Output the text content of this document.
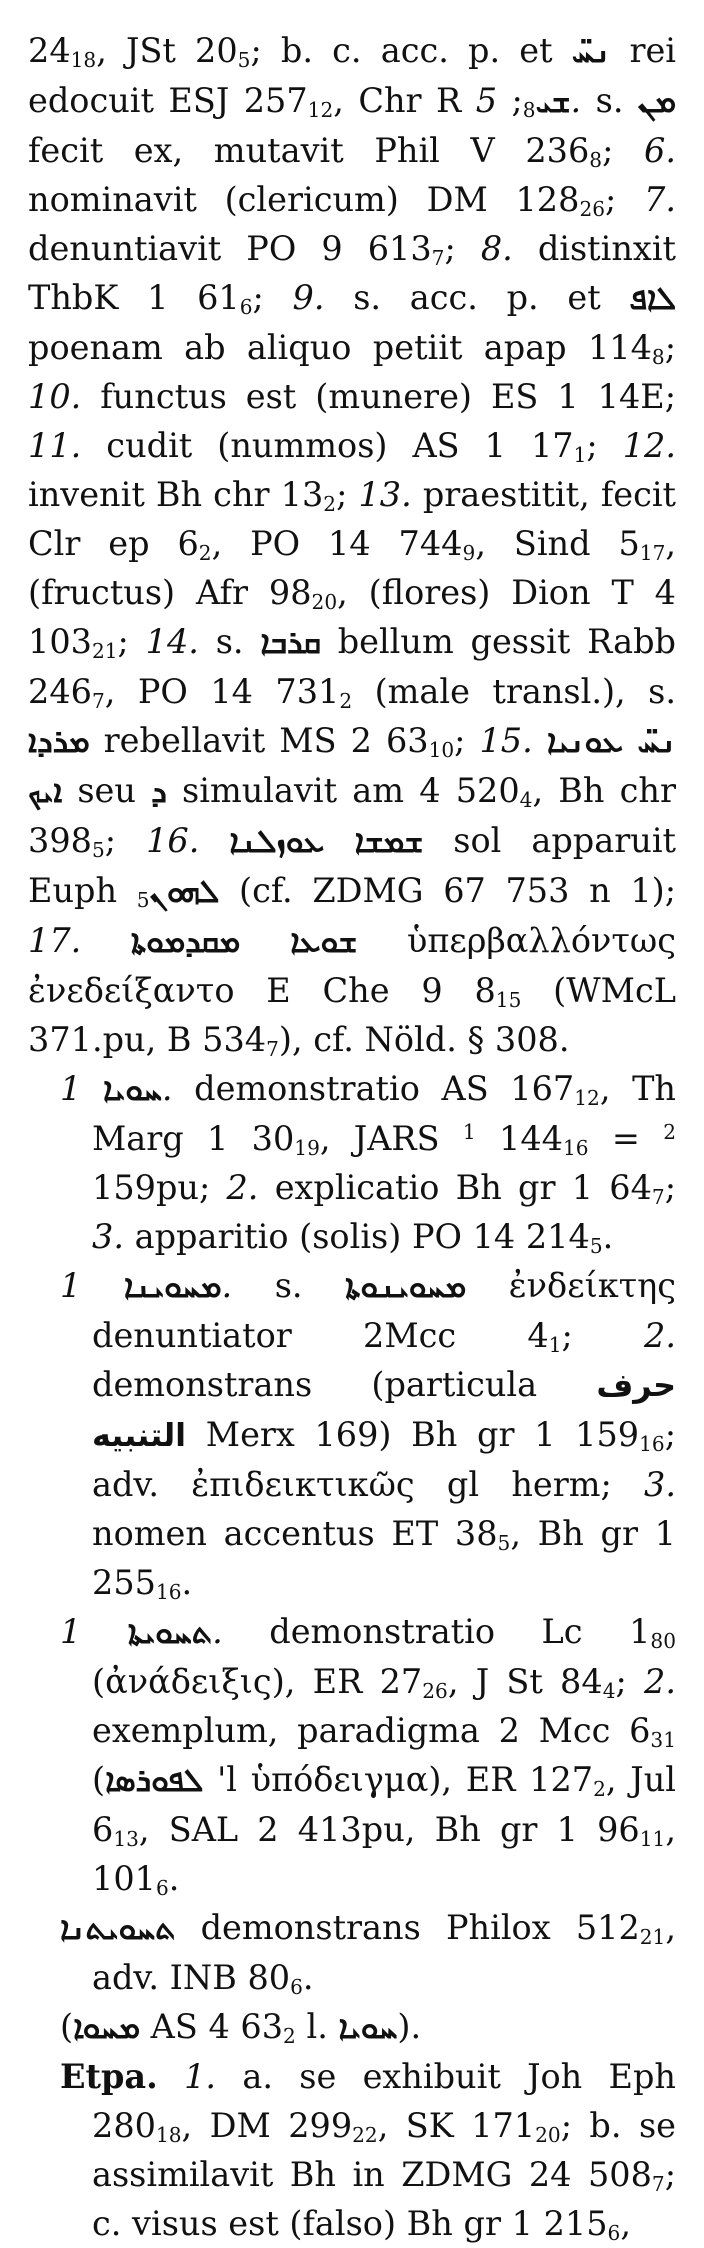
2418, JSt 205; b. c. acc. p. et ܢܚ̈ rei edocuit ESJ 25712, Chr R ܫܝ8; 5. s. ܡܢ fecit ex, mutavit Phil V 2368; 6. nominavit (clericum) DM 12826; 7. denuntiavit PO 9 6137; 8. distinxit ThbK 1 616; 9. s. acc. p. et ܠܐܦ poenam ab aliquo petiit apap 1148; 10. functus est (munere) ES 1 14E; 11. cudit (nummos) AS 1 171; 12. invenit Bh chr 132; 13. praestitit, fecit Clr ep 62, PO 14 7449, Sind 517, (fructus) Afr 9820, (flores) Dion T 4 10321; 14. s. ܩܪܒܐ bellum gessit Rabb 2467, PO 14 7312 (male transl.), s. ܡܪܕܐ rebellavit MS 2 6310; 15. ܢܚ̈ ܥܘܢܝܐ ܐܝܟ seu ܕ simulavit am 4 5204, Bh chr 3985; 16. ܫܡܫܐ ܥܘܙܠܢܐ sol apparuit Euph ܠܗܘܢ5 (cf. ZDMG 67 753 n 1); 17. ܫܘܥܐ ܡܩܕܡܘܬܐ ὑπερβαλλόντως ἐνεδείξαντο E Che 9 815 (WMcL 371.pu, B 5347), cf. Nöld. § 308.

ܚܘܝܐ 1. demonstratio AS 16712, Th Marg 1 3019, JARS $^1$ 14416 = $^2$ 159pu; 2. explicatio Bh gr 1 647; 3. apparitio (solis) PO 14 2145.

ܡܚܘܝܢܐ 1. s. ܡܚܘܝܢܘܬܐ ἐνδείκτης denuntiator 2Mcc 41; 2. demonstrans (particula حرف التنبيه Merx 169) Bh gr 1 15916; adv. ἐπιδεικτικῶς gl herm; 3. nomen accentus ET 385, Bh gr 1 25516.

ܬܚܘܝܬܐ 1. demonstratio Lc 180 (ἀνάδειξις), ER 2726, J St 844; 2. exemplum, paradigma 2 Mcc 631 (ܠܦܘܪܣܐ 'l ὑπόδειγμα), ER 1272, Jul 613, SAL 2 413pu, Bh gr 1 9611, 1016.

ܬܚܘܝܬܢܐ demonstrans Philox 51221, adv. INB 806.

(ܡܚܘܐ AS 4 632 l. ܚܘܝܐ).

Etpa. 1. a. se exhibuit Joh Eph 28018, DM 29922, SK 17120; b. se assimilavit Bh in ZDMG 24 5087; c. visus est (falso) Bh gr 1 2156,
